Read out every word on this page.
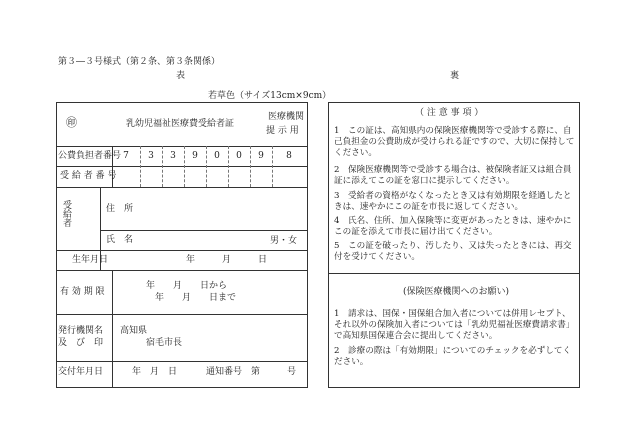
第３―３号様式（第２条、第３条関係）
表	裏
若草色（サイズ13cm×9cm）
㊞	乳幼児福祉医療費受給者証
医療機関
提 示 用
公費負担者番号 7	3	3	9	0	0	9	8
受 給 者 番 号
受給者	住　所
氏　名	男・女
生年月日	年　　　月　　　日
有 効 期 限
年　　月　　日から
年　　月　　日まで
発行機関名
及　び　印
高知県
宿毛市長
交付年月日	年　月　日	通知番号　第　　　号
（ 注 意 事 項 ）
1　この証は、高知県内の保険医療機関等で受診する際に、自己負担金の公費助成が受けられる証ですので、大切に保持してください。
2　保険医療機関等で受診する場合は、被保険者証又は組合員証に添えてこの証を窓口に提示してください。
3　受給者の資格がなくなったとき又は有効期限を経過したときは、速やかにこの証を市長に返してください。
4　氏名、住所、加入保険等に変更があったときは、速やかにこの証を添えて市長に届け出てください。
5　この証を破ったり、汚したり、又は失ったときには、再交付を受けてください。
(保険医療機関へのお願い)
1　請求は、国保・国保組合加入者については併用レセプト、それ以外の保険加入者については「乳幼児福祉医療費請求書」で高知県国保連合会に提出してください。
2　診療の際は「有効期限」についてのチェックを必ずしてください。
